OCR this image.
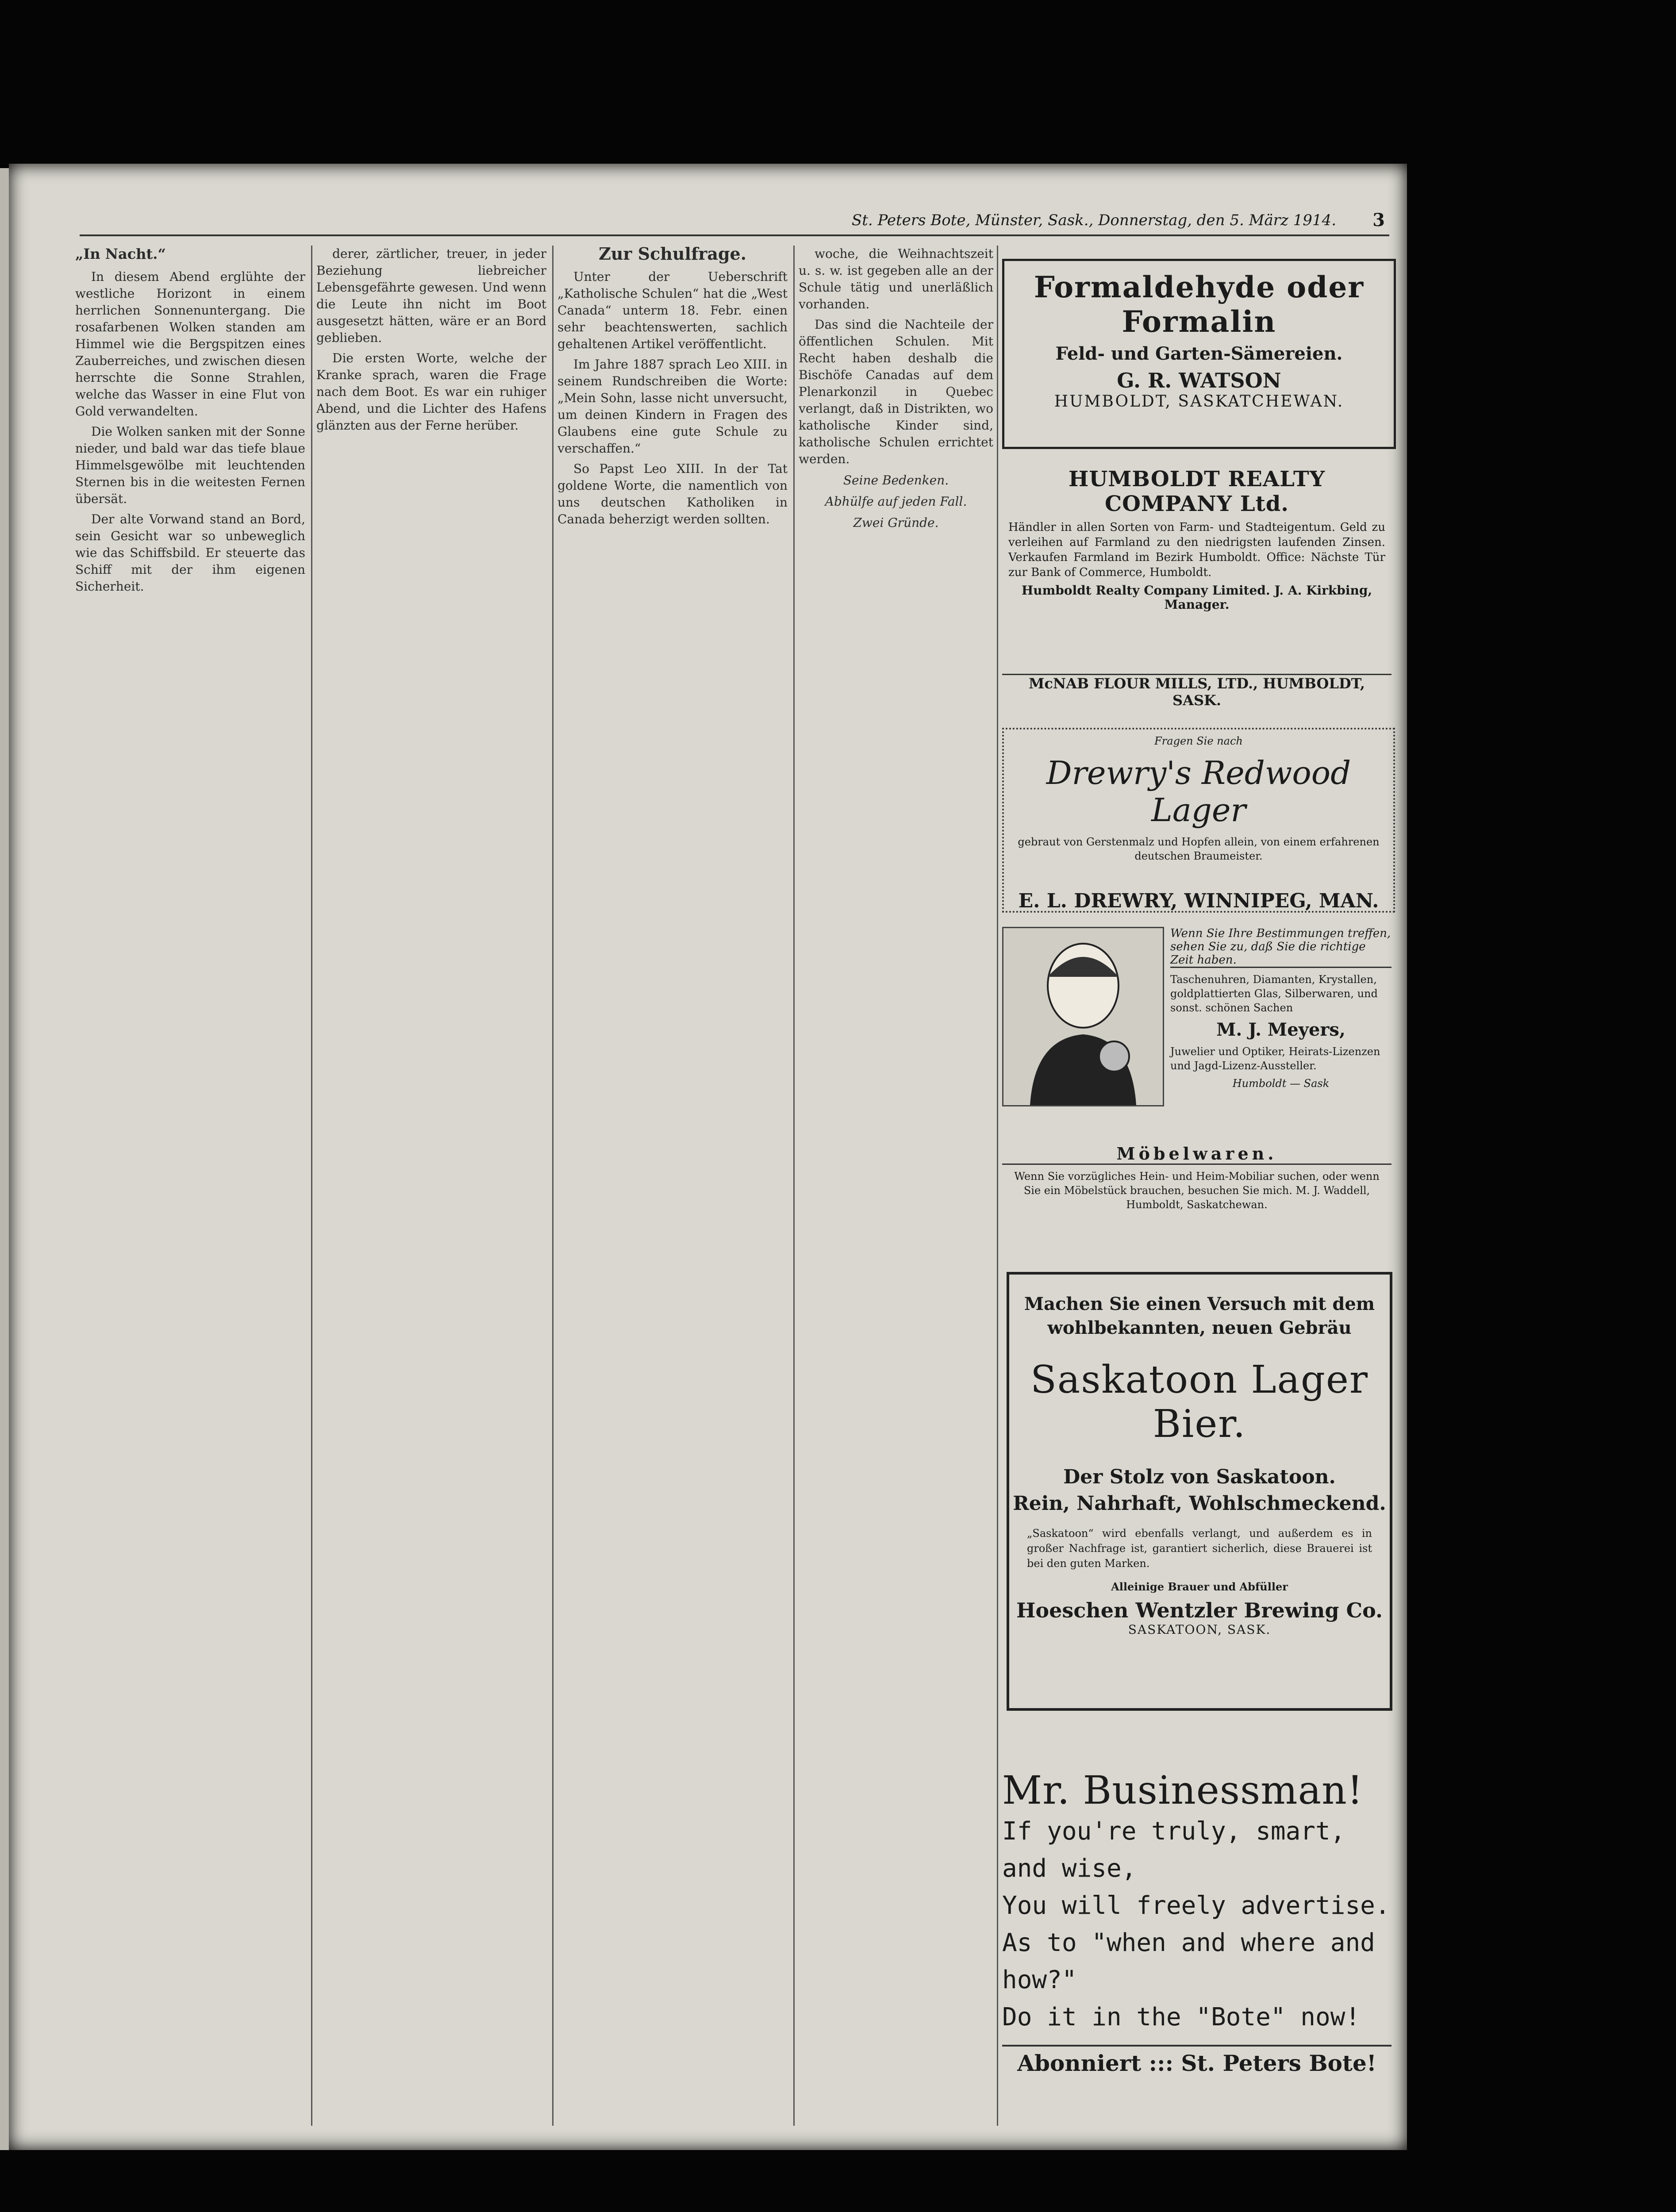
St. Peters Bote, Münster, Sask., Donnerstag, den 5. März 1914. 3
„In Nacht.“

In diesem Abend erglühte der westliche Horizont in einem herrlichen Sonnenuntergang. Die rosafarbenen Wolken standen am Himmel wie die Bergspitzen eines Zauberreiches, und zwischen diesen herrschte die Sonne Strahlen, welche das Wasser in eine Flut von Gold verwandelten.

Die Wolken sanken mit der Sonne nieder, und bald war das tiefe blaue Himmelsgewölbe mit leuchtenden Sternen bis in die weitesten Fernen übersät.

Der alte Vorwand stand an Bord, sein Gesicht war so unbeweglich wie das Schiffsbild. Er steuerte das Schiff mit der ihm eigenen Sicherheit.

derer, zärtlicher, treuer, in jeder Beziehung liebreicher Lebensgefährte gewesen. Und wenn die Leute ihn nicht im Boot ausgesetzt hätten, wäre er an Bord geblieben.

Die ersten Worte, welche der Kranke sprach, waren die Frage nach dem Boot. Es war ein ruhiger Abend, und die Lichter des Hafens glänzten aus der Ferne herüber.

Zur Schulfrage.

Unter der Ueberschrift „Katholische Schulen“ hat die „West Canada“ unterm 18. Febr. einen sehr beachtenswerten, sachlich gehaltenen Artikel veröffentlicht.

Im Jahre 1887 sprach Leo XIII. in seinem Rundschreiben die Worte: „Mein Sohn, lasse nicht unversucht, um deinen Kindern in Fragen des Glaubens eine gute Schule zu verschaffen.“

So Papst Leo XIII. In der Tat goldene Worte, die namentlich von uns deutschen Katholiken in Canada beherzigt werden sollten.

woche, die Weihnachtszeit u. s. w. ist gegeben alle an der Schule tätig und unerläßlich vorhanden.

Das sind die Nachteile der öffentlichen Schulen. Mit Recht haben deshalb die Bischöfe Canadas auf dem Plenarkonzil in Quebec verlangt, daß in Distrikten, wo katholische Kinder sind, katholische Schulen errichtet werden.

Seine Bedenken.

Abhülfe auf jeden Fall.

Zwei Gründe.

Formaldehyde oder Formalin
Feld- und Garten-Sämereien.
G. R. WATSON
HUMBOLDT, SASKATCHEWAN.
HUMBOLDT REALTY COMPANY Ltd.
Händler in allen Sorten von Farm- und Stadteigentum. Geld zu verleihen auf Farmland zu den niedrigsten laufenden Zinsen. Verkaufen Farmland im Bezirk Humboldt. Office: Nächste Tür zur Bank of Commerce, Humboldt.
Humboldt Realty Company Limited. J. A. Kirkbing, Manager.
McNAB FLOUR MILLS, LTD., HUMBOLDT, SASK.
Fragen Sie nach
Drewry's Redwood Lager
gebraut von Gerstenmalz und Hopfen allein, von einem erfahrenen deutschen Braumeister.
E. L. DREWRY, WINNIPEG, MAN.
Wenn Sie Ihre Bestimmungen treffen, sehen Sie zu, daß Sie die richtige Zeit haben.
Taschenuhren, Diamanten, Krystallen, goldplattierten Glas, Silberwaren, und sonst. schönen Sachen
M. J. Meyers,
Juwelier und Optiker, Heirats-Lizenzen und Jagd-Lizenz-Aussteller.
Humboldt — Sask
Möbelwaren.
Wenn Sie vorzügliches Hein- und Heim-Mobiliar suchen, oder wenn Sie ein Möbelstück brauchen, besuchen Sie mich. M. J. Waddell, Humboldt, Saskatchewan.
Machen Sie einen Versuch mit dem wohlbekannten, neuen Gebräu
Saskatoon Lager Bier.
Der Stolz von Saskatoon.
Rein, Nahrhaft, Wohlschmeckend.
„Saskatoon“ wird ebenfalls verlangt, und außerdem es in großer Nachfrage ist, garantiert sicherlich, diese Brauerei ist bei den guten Marken.
Alleinige Brauer und Abfüller
Hoeschen Wentzler Brewing Co.
SASKATOON, SASK.
Mr. Businessman!
If you're truly, smart, and wise,
You will freely advertise.
As to "when and where and how?"
Do it in the "Bote" now!
Abonniert ::: St. Peters Bote!
